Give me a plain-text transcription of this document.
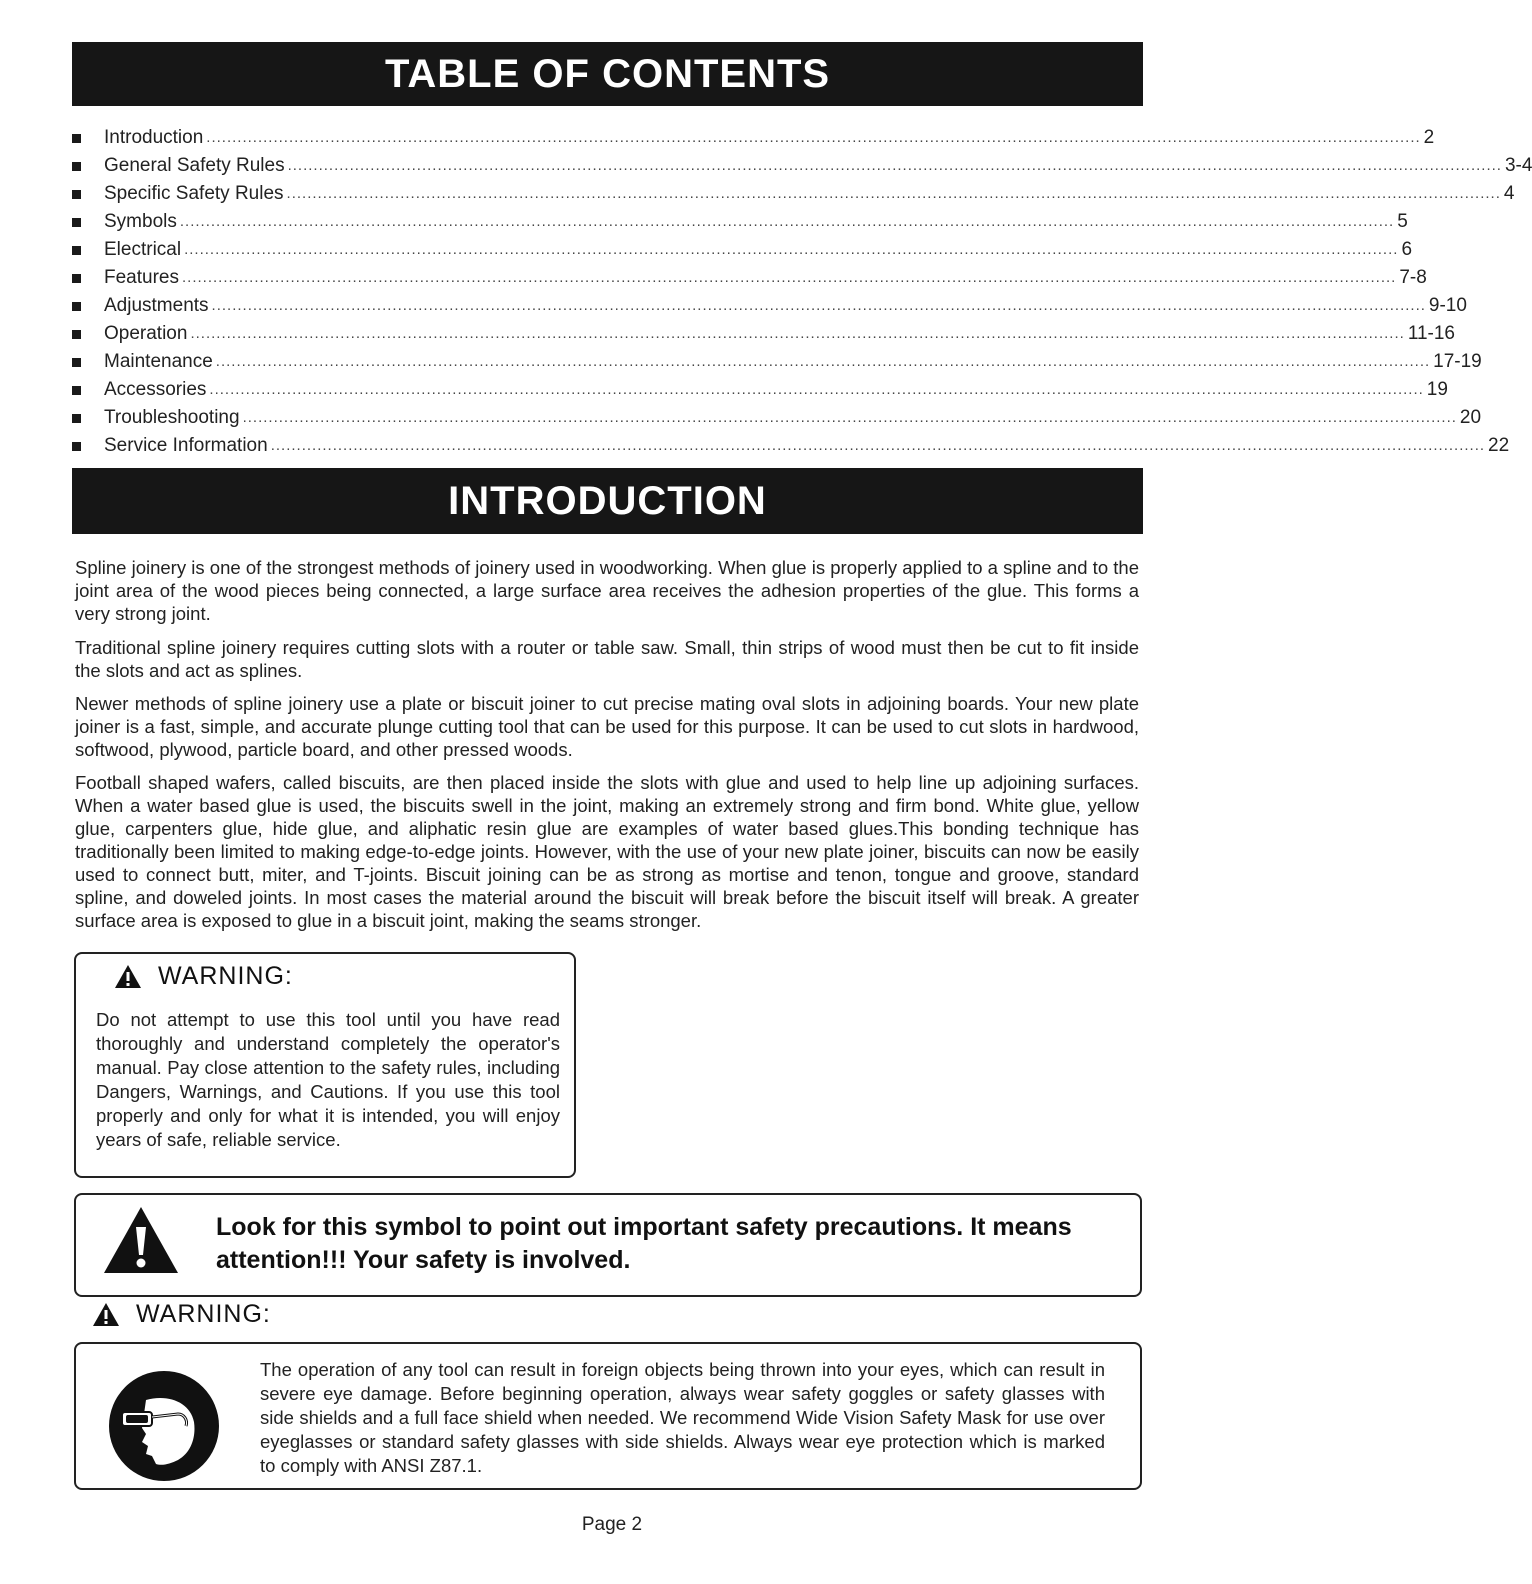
TABLE OF CONTENTS
Introduction ........................................................................................................................................................................................................................................... 2
General Safety Rules ........................................................................................................................................................................................................................................... 3-4
Specific Safety Rules ........................................................................................................................................................................................................................................... 4
Symbols ........................................................................................................................................................................................................................................... 5
Electrical ........................................................................................................................................................................................................................................... 6
Features ........................................................................................................................................................................................................................................... 7-8
Adjustments ........................................................................................................................................................................................................................................... 9-10
Operation ........................................................................................................................................................................................................................................... 11-16
Maintenance ........................................................................................................................................................................................................................................... 17-19
Accessories ........................................................................................................................................................................................................................................... 19
Troubleshooting ........................................................................................................................................................................................................................................... 20
Service Information ........................................................................................................................................................................................................................................... 22
INTRODUCTION

Spline joinery is one of the strongest methods of joinery used in woodworking. When glue is properly applied to a spline and to the joint area of the wood pieces being connected, a large surface area receives the adhesion properties of the glue. This forms a very strong joint.

Traditional spline joinery requires cutting slots with a router or table saw. Small, thin strips of wood must then be cut to fit inside the slots and act as splines.

Newer methods of spline joinery use a plate or biscuit joiner to cut precise mating oval slots in adjoining boards. Your new plate joiner is a fast, simple, and accurate plunge cutting tool that can be used for this purpose. It can be used to cut slots in hardwood, softwood, plywood, particle board, and other pressed woods.

Football shaped wafers, called biscuits, are then placed inside the slots with glue and used to help line up adjoining surfaces. When a water based glue is used, the biscuits swell in the joint, making an extremely strong and firm bond. White glue, yellow glue, carpenters glue, hide glue, and aliphatic resin glue are examples of water based glues.This bonding technique has traditionally been limited to making edge-to-edge joints. However, with the use of your new plate joiner, biscuits can now be easily used to connect butt, miter, and T-joints. Biscuit joining can be as strong as mortise and tenon, tongue and groove, standard spline, and doweled joints. In most cases the material around the biscuit will break before the biscuit itself will break. A greater surface area is exposed to glue in a biscuit joint, making the seams stronger.

WARNING:

Do not attempt to use this tool until you have read thoroughly and understand completely the operator's manual. Pay close attention to the safety rules, including Dangers, Warnings, and Cautions. If you use this tool properly and only for what it is intended, you will enjoy years of safe, reliable service.

Look for this symbol to point out important safety precautions. It means attention!!! Your safety is involved.

WARNING:

The operation of any tool can result in foreign objects being thrown into your eyes, which can result in severe eye damage. Before beginning operation, always wear safety goggles or safety glasses with side shields and a full face shield when needed. We recommend Wide Vision Safety Mask for use over eyeglasses or standard safety glasses with side shields. Always wear eye protection which is marked to comply with ANSI Z87.1.

Page 2
